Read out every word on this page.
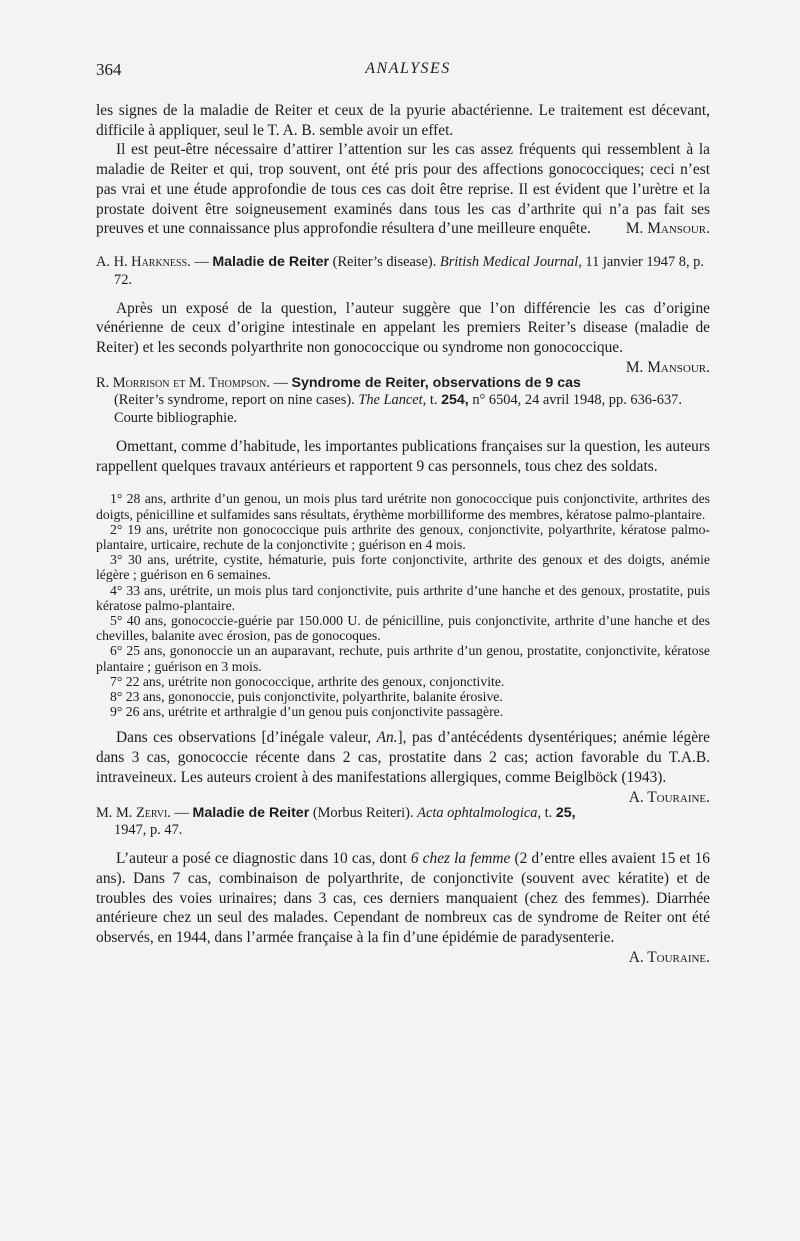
364	ANALYSES

les signes de la maladie de Reiter et ceux de la pyurie abactérienne. Le traitement est décevant, difficile à appliquer, seul le T. A. B. semble avoir un effet.

Il est peut-être nécessaire d’attirer l’attention sur les cas assez fréquents qui ressemblent à la maladie de Reiter et qui, trop souvent, ont été pris pour des affections gonococciques; ceci n’est pas vrai et une étude approfondie de tous ces cas doit être reprise. Il est évident que l’urètre et la prostate doivent être soigneusement examinés dans tous les cas d’arthrite qui n’a pas fait ses preuves et une connaissance plus approfondie résultera d’une meilleure enquête.	M. Mansour.

A. H. Harkness. — Maladie de Reiter (Reiter’s disease). British Medical Journal, 11 janvier 1947 8, p. 72.

Après un exposé de la question, l’auteur suggère que l’on différencie les cas d’origine vénérienne de ceux d’origine intestinale en appelant les premiers Reiter’s disease (maladie de Reiter) et les seconds polyarthrite non gonococcique ou syndrome non gonococcique.
M. Mansour.

R. Morrison et M. Thompson. — Syndrome de Reiter, observations de 9 cas (Reiter’s syndrome, report on nine cases). The Lancet, t. 254, n° 6504, 24 avril 1948, pp. 636-637. Courte bibliographie.

Omettant, comme d’habitude, les importantes publications françaises sur la question, les auteurs rappellent quelques travaux antérieurs et rapportent 9 cas personnels, tous chez des soldats.

1° 28 ans, arthrite d’un genou, un mois plus tard urétrite non gonococcique puis conjonctivite, arthrites des doigts, pénicilline et sulfamides sans résultats, érythème morbilliforme des membres, kératose palmo-plantaire.

2° 19 ans, urétrite non gonococcique puis arthrite des genoux, conjonctivite, polyarthrite, kératose palmo-plantaire, urticaire, rechute de la conjonctivite ; guérison en 4 mois.

3° 30 ans, urétrite, cystite, hématurie, puis forte conjonctivite, arthrite des genoux et des doigts, anémie légère ; guérison en 6 semaines.

4° 33 ans, urétrite, un mois plus tard conjonctivite, puis arthrite d’une hanche et des genoux, prostatite, puis kératose palmo-plantaire.

5° 40 ans, gonococcie-guérie par 150.000 U. de pénicilline, puis conjonctivite, arthrite d’une hanche et des chevilles, balanite avec érosion, pas de gonocoques.

6° 25 ans, gononoccie un an auparavant, rechute, puis arthrite d’un genou, prostatite, conjonctivite, kératose plantaire ; guérison en 3 mois.

7° 22 ans, urétrite non gonococcique, arthrite des genoux, conjonctivite.

8° 23 ans, gononoccie, puis conjonctivite, polyarthrite, balanite érosive.

9° 26 ans, urétrite et arthralgie d’un genou puis conjonctivite passagère.

Dans ces observations [d’inégale valeur, An.], pas d’antécédents dysentériques; anémie légère dans 3 cas, gonococcie récente dans 2 cas, prostatite dans 2 cas; action favorable du T.A.B. intraveineux. Les auteurs croient à des manifestations allergiques, comme Beiglböck (1943).
A. Touraine.

M. M. Zervi. — Maladie de Reiter (Morbus Reiteri). Acta ophtalmologica, t. 25, 1947, p. 47.

L’auteur a posé ce diagnostic dans 10 cas, dont 6 chez la femme (2 d’entre elles avaient 15 et 16 ans). Dans 7 cas, combinaison de polyarthrite, de conjonctivite (souvent avec kératite) et de troubles des voies urinaires; dans 3 cas, ces derniers manquaient (chez des femmes). Diarrhée antérieure chez un seul des malades. Cependant de nombreux cas de syndrome de Reiter ont été observés, en 1944, dans l’armée française à la fin d’une épidémie de paradysenterie.
A. Touraine.
